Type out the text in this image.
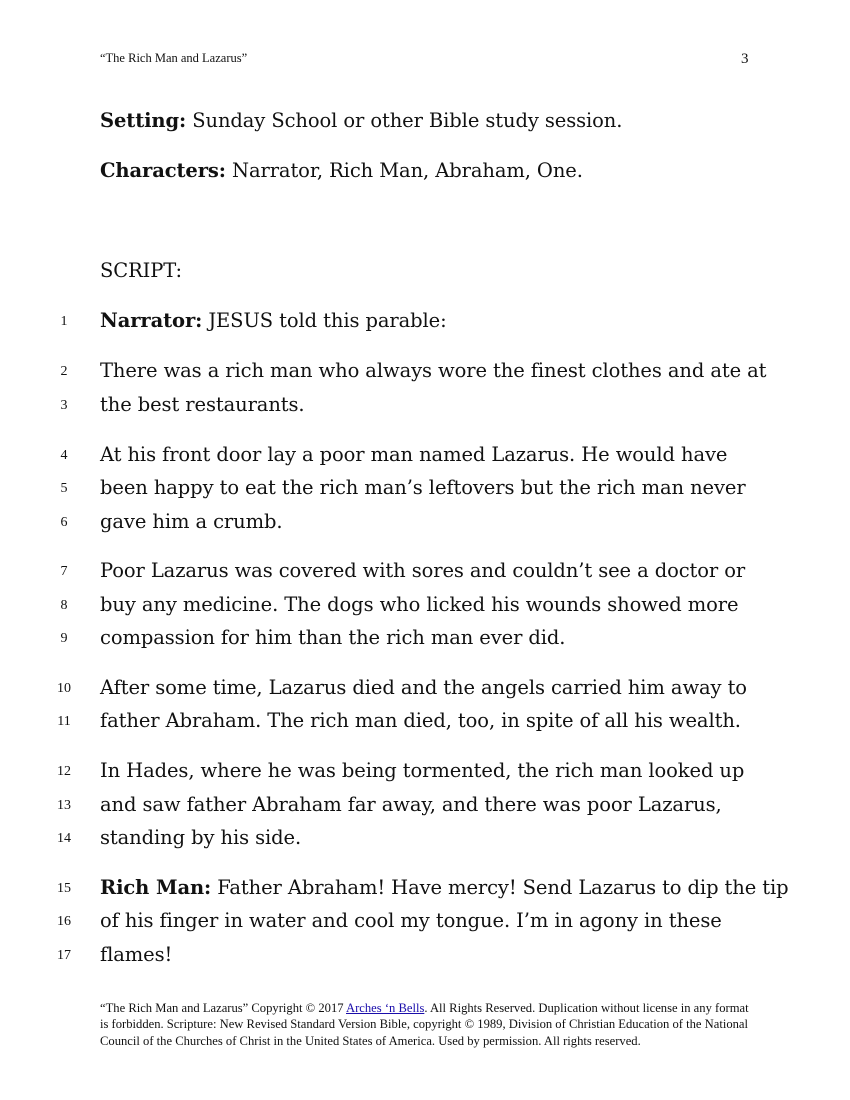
“The Rich Man and Lazarus”	3
Setting: Sunday School or other Bible study session.
Characters: Narrator, Rich Man, Abraham, One.
SCRIPT:
1	Narrator: JESUS told this parable:
2	There was a rich man who always wore the finest clothes and ate at
3	the best restaurants.
4	At his front door lay a poor man named Lazarus. He would have
5	been happy to eat the rich man’s leftovers but the rich man never
6	gave him a crumb.
7	Poor Lazarus was covered with sores and couldn’t see a doctor or
8	buy any medicine. The dogs who licked his wounds showed more
9	compassion for him than the rich man ever did.
10 After some time, Lazarus died and the angels carried him away to
11 father Abraham. The rich man died, too, in spite of all his wealth.
12 In Hades, where he was being tormented, the rich man looked up
13 and saw father Abraham far away, and there was poor Lazarus,
14 standing by his side.
15 Rich Man: Father Abraham! Have mercy! Send Lazarus to dip the tip
16 of his finger in water and cool my tongue. I’m in agony in these
17 flames!
“The Rich Man and Lazarus” Copyright © 2017 Arches ‘n Bells. All Rights Reserved. Duplication without license in any format is forbidden. Scripture: New Revised Standard Version Bible, copyright © 1989, Division of Christian Education of the National Council of the Churches of Christ in the United States of America. Used by permission. All rights reserved.
